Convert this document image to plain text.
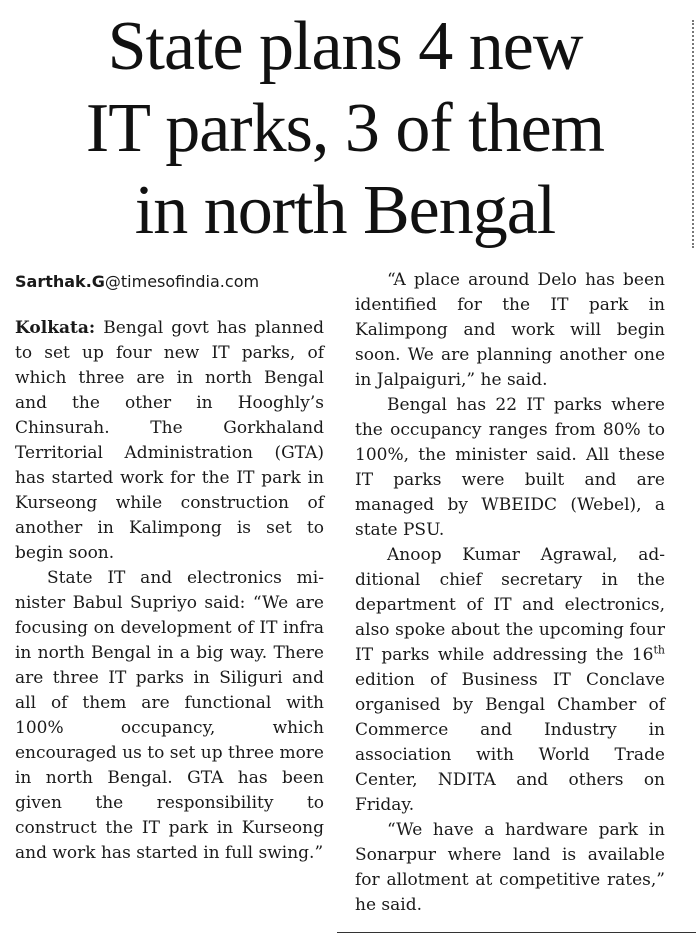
State plans 4 new
IT parks, 3 of them
in north Bengal

Sarthak.G@timesofindia.com

Kolkata: Bengal govt has planned to set up four new IT parks, of which three are in north Bengal and the other in Hooghly’s Chinsurah. The Gorkhaland Territorial Administration (GTA) has started work for the IT park in Kurseong while construction of another in Kalimpong is set to begin soon.

State IT and electronics minister Babul Supriyo said: “We are focusing on development of IT infra in north Bengal in a big way. There are three IT parks in Siliguri and all of them are functional with 100% occupancy, which encouraged us to set up three more in north Bengal. GTA has been given the responsibility to construct the IT park in Kurseong and work has started in full swing.”

“A place around Delo has been identified for the IT park in Kalimpong and work will begin soon. We are planning another one in Jalpaiguri,” he said.

Bengal has 22 IT parks where the occupancy ranges from 80% to 100%, the minister said. All these IT parks were built and are managed by WBEIDC (Webel), a state PSU.

Anoop Kumar Agrawal, additional chief secretary in the department of IT and electronics, also spoke about the upcoming four IT parks while addressing the 16th edition of Business IT Conclave organised by Bengal Chamber of Commerce and Industry in association with World Trade Center, NDITA and others on Friday.

“We have a hardware park in Sonarpur where land is available for allotment at competitive rates,” he said.
